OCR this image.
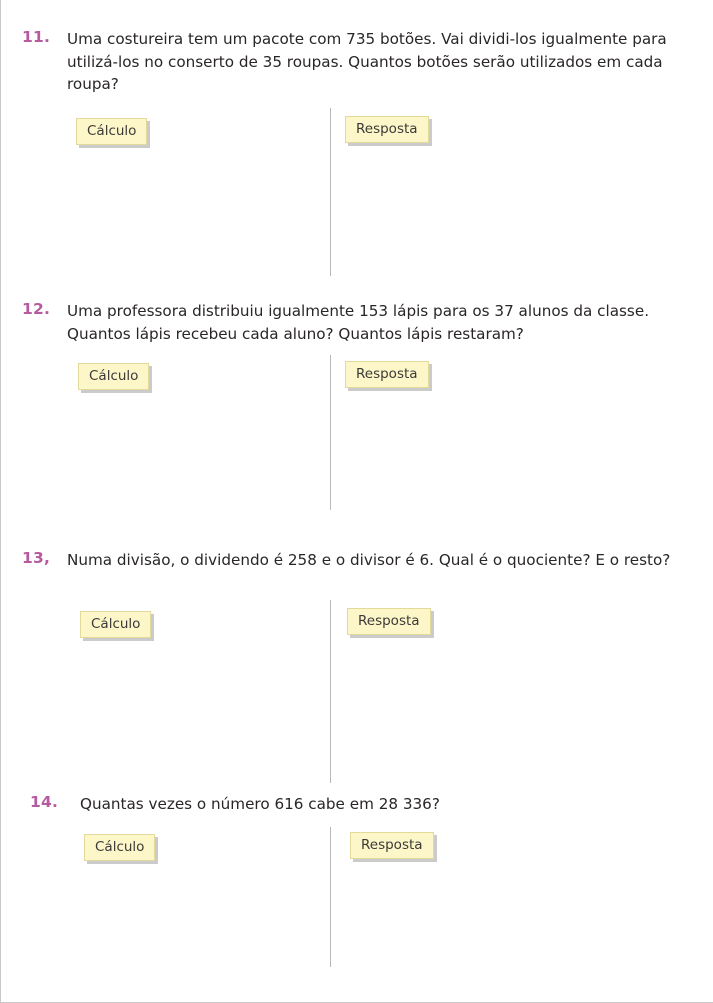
11.	Uma costureira tem um pacote com 735 botões. Vai dividi-los igualmente para utilizá-los no conserto de 35 roupas. Quantos botões serão utilizados em cada roupa?
Cálculo	Resposta
12.	Uma professora distribuiu igualmente 153 lápis para os 37 alunos da classe. Quantos lápis recebeu cada aluno? Quantos lápis restaram?
Cálculo	Resposta
13,	Numa divisão, o dividendo é 258 e o divisor é 6. Qual é o quociente? E o resto?
Cálculo	Resposta
14.	Quantas vezes o número 616 cabe em 28 336?
Cálculo	Resposta
